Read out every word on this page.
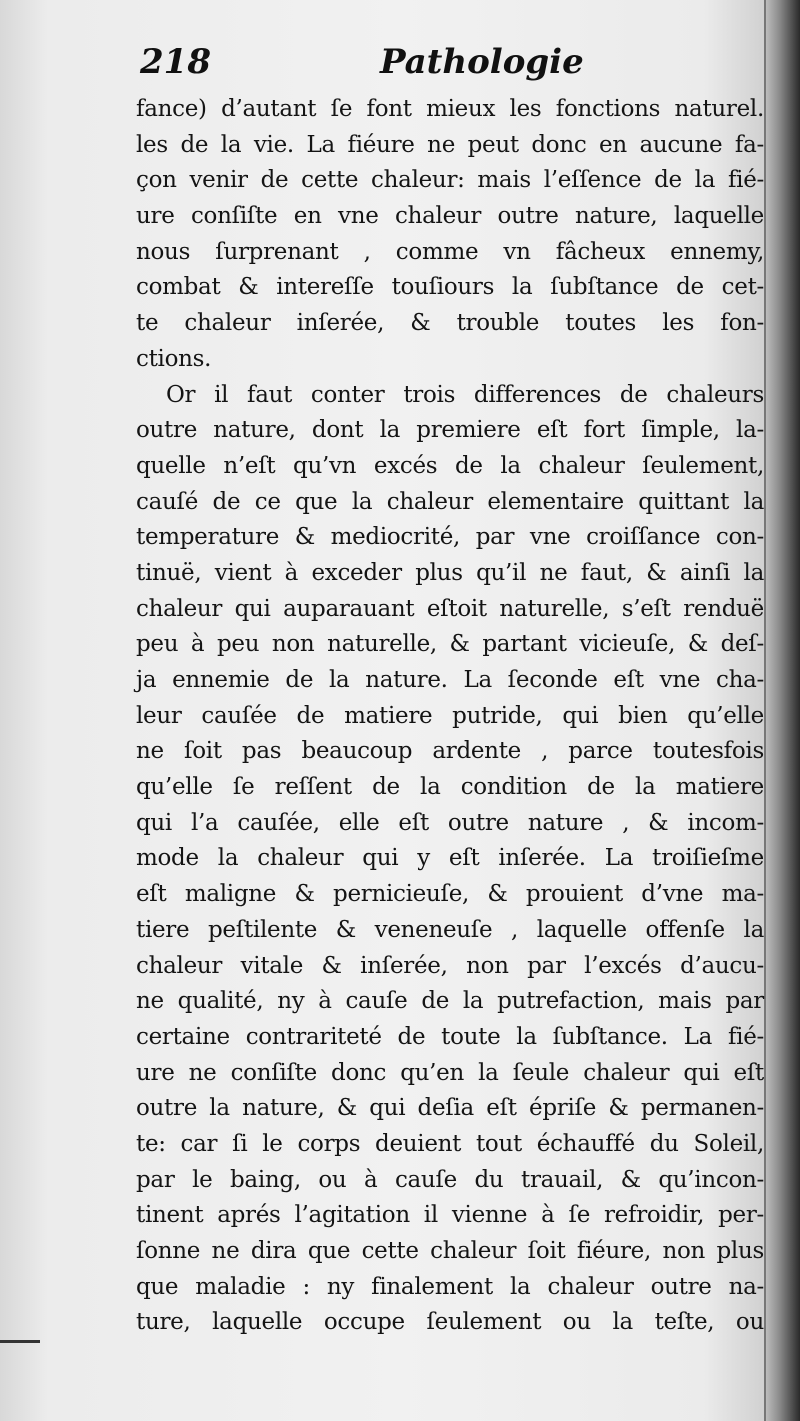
218	Pathologie
fance) d’autant ſe font mieux les fonctions naturel.
les de la vie. La fiéure ne peut donc en aucune fa-
çon venir de cette chaleur: mais l’eſſence de la fié-
ure conſiſte en vne chaleur outre nature, laquelle
nous ſurprenant , comme vn fâcheux ennemy,
combat & intereſſe touſiours la ſubſtance de cet-
te chaleur inſerée, & trouble toutes les fon-
ctions.
Or il faut conter trois differences de chaleurs
outre nature, dont la premiere eſt fort ſimple, la-
quelle n’eſt qu’vn excés de la chaleur ſeulement,
cauſé de ce que la chaleur elementaire quittant la
temperature & mediocrité, par vne croiſſance con-
tinuë, vient à exceder plus qu’il ne faut, & ainſi la
chaleur qui auparauant eſtoit naturelle, s’eſt renduë
peu à peu non naturelle, & partant vicieuſe, & deſ-
ja ennemie de la nature. La ſeconde eſt vne cha-
leur cauſée de matiere putride, qui bien qu’elle
ne ſoit pas beaucoup ardente , parce toutesfois
qu’elle ſe reſſent de la condition de la matiere
qui l’a cauſée, elle eſt outre nature , & incom-
mode la chaleur qui y eſt inſerée. La troiſieſme
eſt maligne & pernicieuſe, & prouient d’vne ma-
tiere peſtilente & veneneuſe , laquelle offenſe la
chaleur vitale & inſerée, non par l’excés d’aucu-
ne qualité, ny à cauſe de la putrefaction, mais par
certaine contrariteté de toute la ſubſtance. La fié-
ure ne conſiſte donc qu’en la ſeule chaleur qui eſt
outre la nature, & qui deſia eſt épriſe & permanen-
te: car ſi le corps deuient tout échauffé du Soleil,
par le baing, ou à cauſe du trauail, & qu’incon-
tinent aprés l’agitation il vienne à ſe refroidir, per-
ſonne ne dira que cette chaleur ſoit fiéure, non plus
que maladie : ny finalement la chaleur outre na-
ture, laquelle occupe ſeulement ou la teſte, ou
